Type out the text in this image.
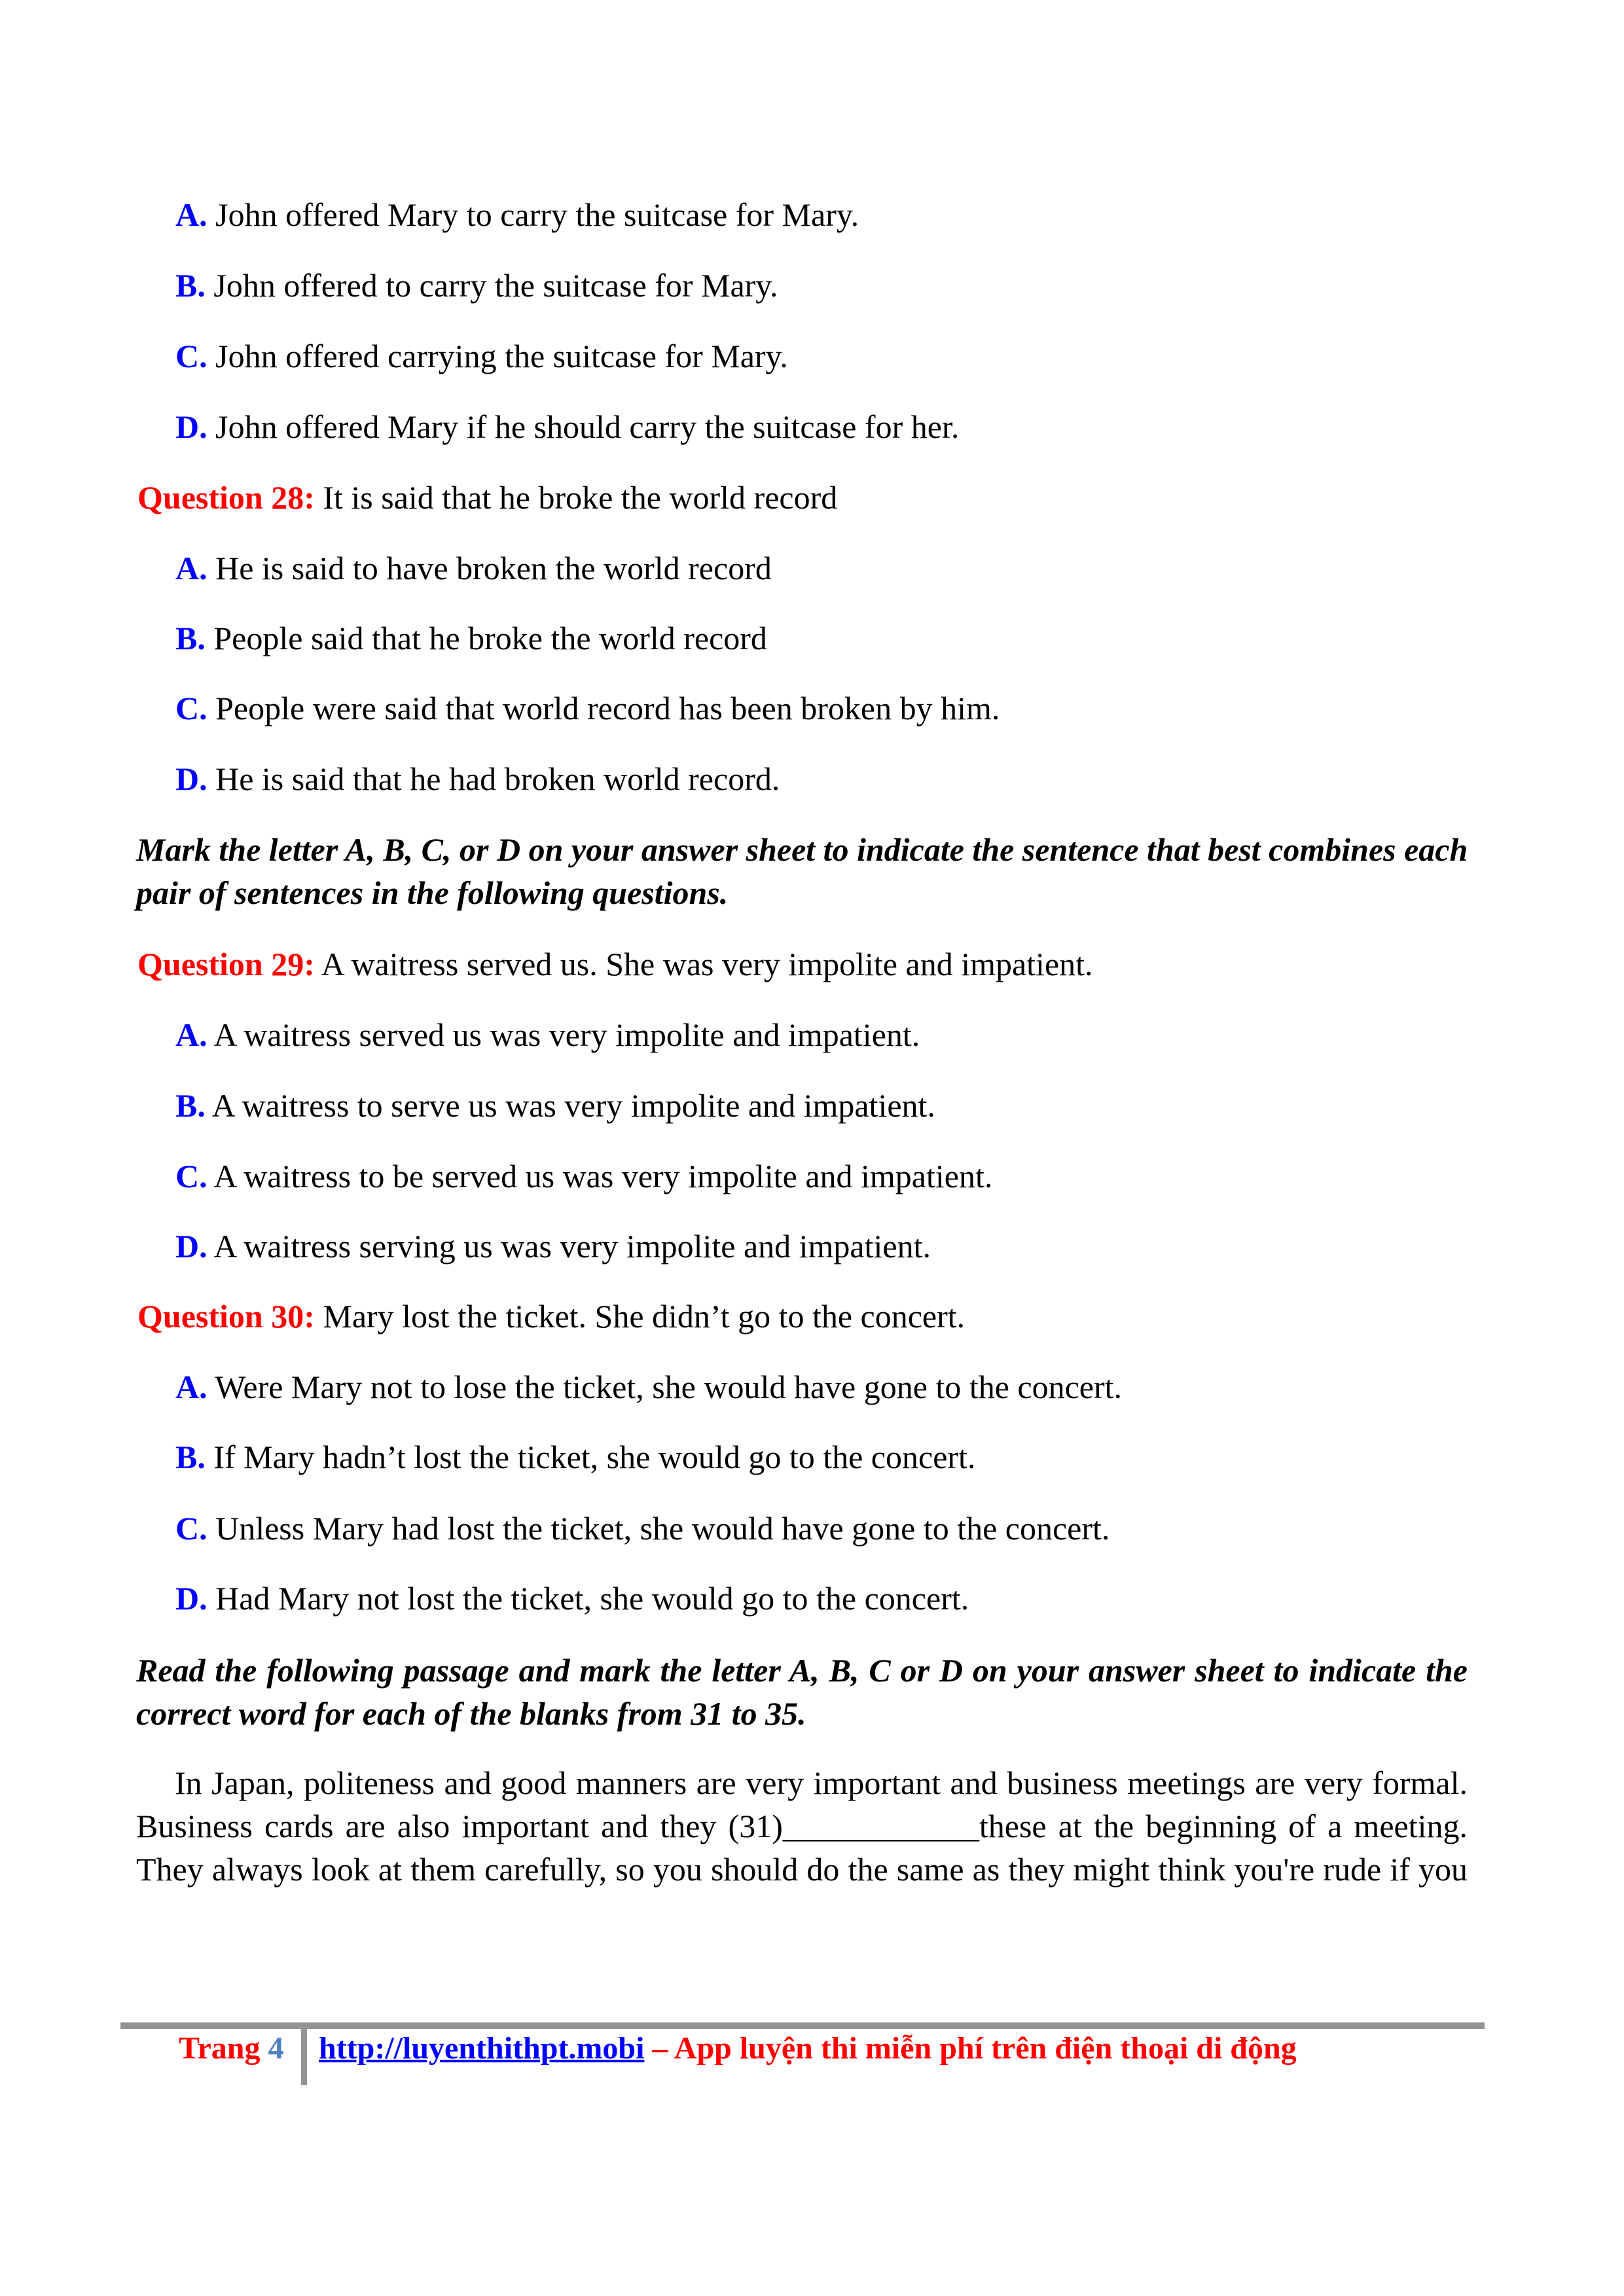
A. John offered Mary to carry the suitcase for Mary.
B. John offered to carry the suitcase for Mary.
C. John offered carrying the suitcase for Mary.
D. John offered Mary if he should carry the suitcase for her.
Question 28: It is said that he broke the world record
A. He is said to have broken the world record
B. People said that he broke the world record
C. People were said that world record has been broken by him.
D. He is said that he had broken world record.
Mark the letter A, B, C, or D on your answer sheet to indicate the sentence that best combines each
pair of sentences in the following questions.
Question 29: A waitress served us. She was very impolite and impatient.
A. A waitress served us was very impolite and impatient.
B. A waitress to serve us was very impolite and impatient.
C. A waitress to be served us was very impolite and impatient.
D. A waitress serving us was very impolite and impatient.
Question 30: Mary lost the ticket. She didn’t go to the concert.
A. Were Mary not to lose the ticket, she would have gone to the concert.
B. If Mary hadn’t lost the ticket, she would go to the concert.
C. Unless Mary had lost the ticket, she would have gone to the concert.
D. Had Mary not lost the ticket, she would go to the concert.
Read the following passage and mark the letter A, B, C or D on your answer sheet to indicate the
correct word for each of the blanks from 31 to 35.
In Japan, politeness and good manners are very important and business meetings are very formal.
Business cards are also important and they (31)____________these at the beginning of a meeting.
They always look at them carefully, so you should do the same as they might think you're rude if you
Trang 4 http://luyenthithpt.mobi – App luyện thi miễn phí trên điện thoại di động
